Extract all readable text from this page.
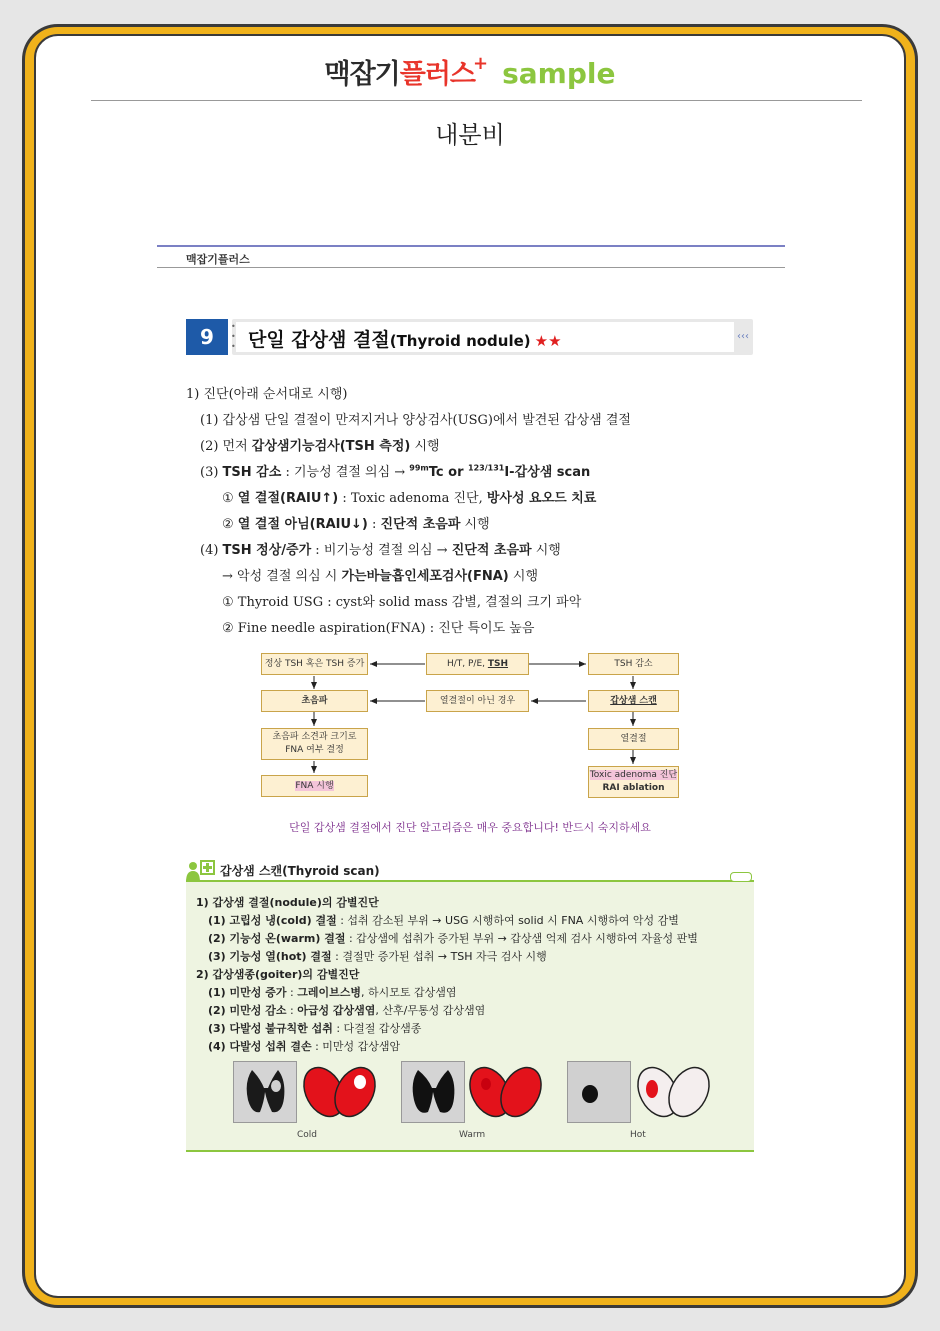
맥잡기플러스+ sample
내분비
맥잡기플러스
9	•
•
• 단일 갑상샘 결절(Thyroid nodule) ★★	‹‹‹
1) 진단(아래 순서대로 시행)
(1) 갑상샘 단일 결절이 만져지거나 양상검사(USG)에서 발견된 갑상샘 결절
(2) 먼저 갑상샘기능검사(TSH 측정) 시행
(3) TSH 감소 : 기능성 결절 의심 → $^{99m}$Tc or $^{123/131}$I-갑상샘 scan
① 열 결절(RAIU↑) : Toxic adenoma 진단, 방사성 요오드 치료
② 열 결절 아님(RAIU↓) : 진단적 초음파 시행
(4) TSH 정상/증가 : 비기능성 결절 의심 → 진단적 초음파 시행
→ 악성 결절 의심 시 가는바늘흡인세포검사(FNA) 시행
① Thyroid USG : cyst와 solid mass 감별, 결절의 크기 파악
② Fine needle aspiration(FNA) : 진단 특이도 높음
정상 TSH 혹은 TSH 증가	H/T, P/E, TSH	TSH 감소
초음파	열결절이 아닌 경우	갑상샘 스캔
초음파 소견과 크기로
FNA 여부 결정
열결절
FNA 시행
Toxic adenoma 진단
RAI ablation
단일 갑상샘 결절에서 진단 알고리즘은 매우 중요합니다! 반드시 숙지하세요
갑상샘 스캔(Thyroid scan)
1) 갑상샘 결절(nodule)의 감별진단
(1) 고립성 냉(cold) 결절 : 섭취 감소된 부위 → USG 시행하여 solid 시 FNA 시행하여 악성 감별
(2) 기능성 온(warm) 결절 : 갑상샘에 섭취가 증가된 부위 → 갑상샘 억제 검사 시행하여 자율성 판별
(3) 기능성 열(hot) 결절 : 결절만 증가된 섭취 → TSH 자극 검사 시행
2) 갑상샘종(goiter)의 감별진단
(1) 미만성 증가 : 그레이브스병, 하시모토 갑상샘염
(2) 미만성 감소 : 아급성 갑상샘염, 산후/무통성 갑상샘염
(3) 다발성 불규칙한 섭취 : 다결절 갑상샘종
(4) 다발성 섭취 결손 : 미만성 갑상샘암
Cold	Warm	Hot
